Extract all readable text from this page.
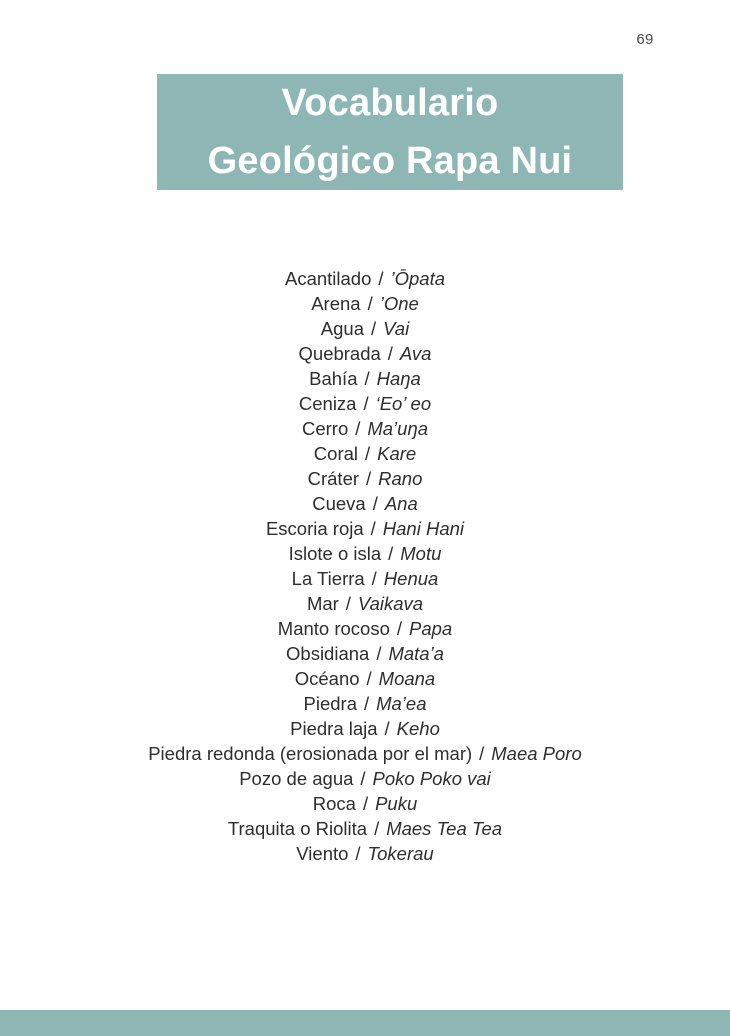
69
Vocabulario
Geológico Rapa Nui
Acantilado / ’Ōpata
Arena / ’One
Agua / Vai
Quebrada / Ava
Bahía / Haŋa
Ceniza / ‘Eo’ eo
Cerro / Ma’uŋa
Coral / Kare
Cráter / Rano
Cueva / Ana
Escoria roja / Hani Hani
Islote o isla / Motu
La Tierra / Henua
Mar / Vaikava
Manto rocoso / Papa
Obsidiana / Mata’a
Océano / Moana
Piedra / Ma’ea
Piedra laja / Keho
Piedra redonda (erosionada por el mar) / Maea Poro
Pozo de agua / Poko Poko vai
Roca / Puku
Traquita o Riolita / Maes Tea Tea
Viento / Tokerau
